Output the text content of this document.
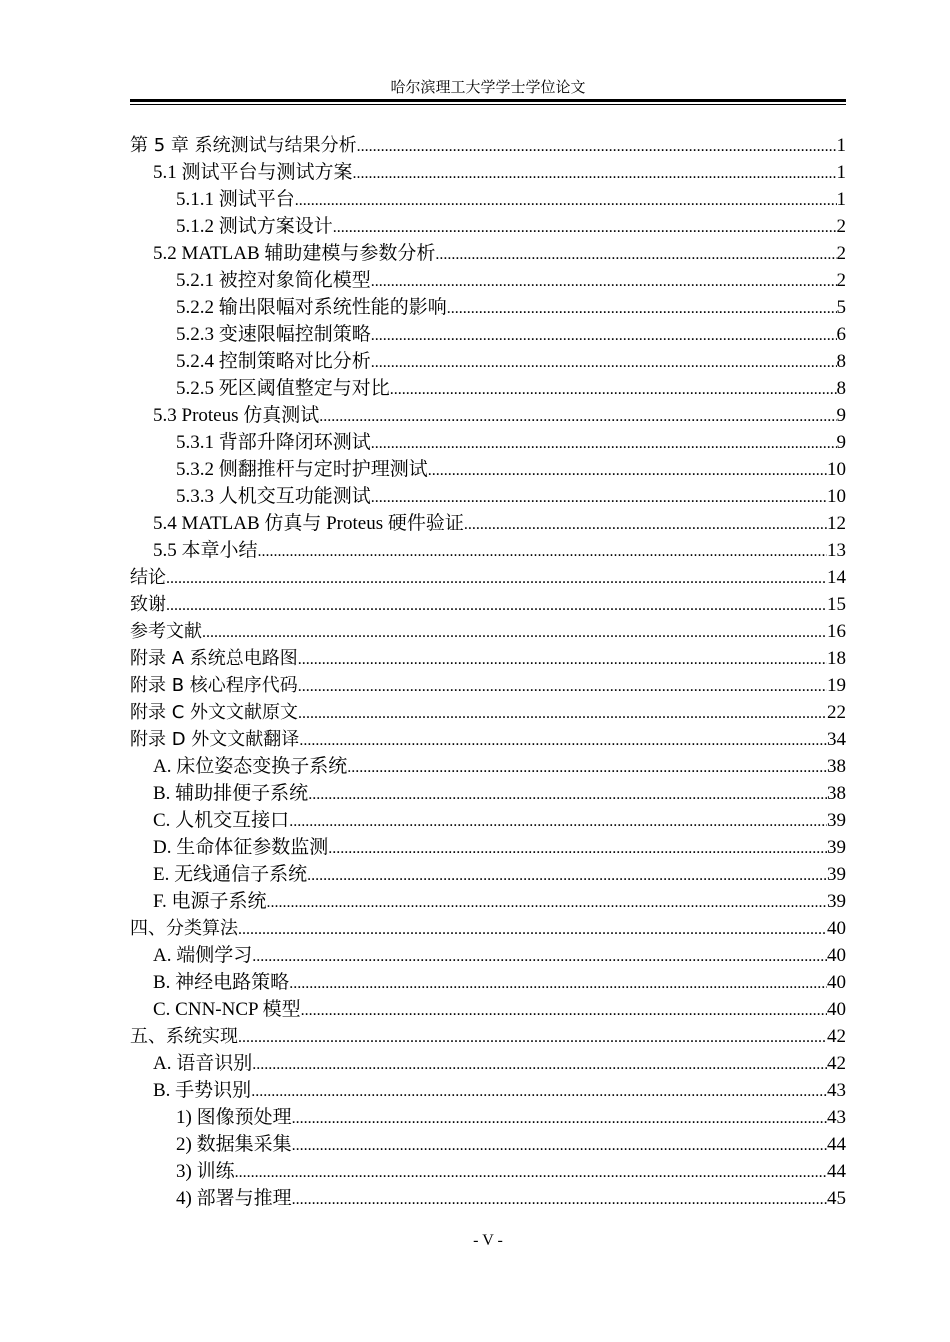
哈尔滨理工大学学士学位论文
第 5 章 系统测试与结果分析 .....	1
5.1 测试平台与测试方案 .....	1
5.1.1 测试平台 .....	1
5.1.2 测试方案设计 .....	2
5.2 MATLAB 辅助建模与参数分析 .....	2
5.2.1 被控对象简化模型 .....	2
5.2.2 输出限幅对系统性能的影响 .....	5
5.2.3 变速限幅控制策略 .....	6
5.2.4 控制策略对比分析 .....	8
5.2.5 死区阈值整定与对比 .....	8
5.3 Proteus 仿真测试 .....	9
5.3.1 背部升降闭环测试 .....	9
5.3.2 侧翻推杆与定时护理测试 .....	10
5.3.3 人机交互功能测试 .....	10
5.4 MATLAB 仿真与 Proteus 硬件验证 .....	12
5.5 本章小结 .....	13
结论 .....	14
致谢 .....	15
参考文献 .....	16
附录 A 系统总电路图 .....	18
附录 B 核心程序代码 .....	19
附录 C 外文文献原文 .....	22
附录 D 外文文献翻译 .....	34
A. 床位姿态变换子系统 .....	38
B. 辅助排便子系统 .....	38
C. 人机交互接口 .....	39
D. 生命体征参数监测 .....	39
E. 无线通信子系统 .....	39
F. 电源子系统 .....	39
四、分类算法 .....	40
A. 端侧学习 .....	40
B. 神经电路策略 .....	40
C. CNN-NCP 模型 .....	40
五、系统实现 .....	42
A. 语音识别 .....	42
B. 手势识别 .....	43
1) 图像预处理 .....	43
2) 数据集采集 .....	44
3) 训练 .....	44
4) 部署与推理 .....	45
- V -
